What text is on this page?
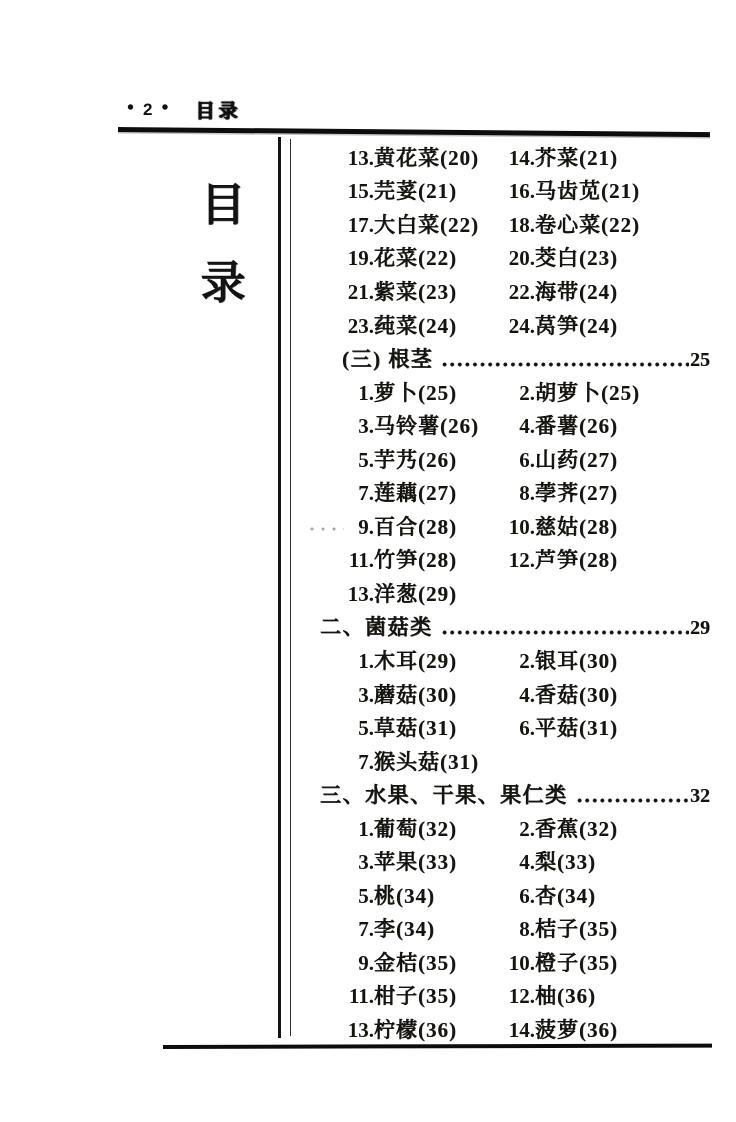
• 2 • 目录
目
录
13. 黄花菜(20) 14. 芥菜(21)
15. 芫荽(21) 16. 马齿苋(21)
17. 大白菜(22) 18. 卷心菜(22)
19. 花菜(22) 20. 茭白(23)
21. 紫菜(23) 22. 海带(24)
23. 莼菜(24) 24. 莴笋(24)
(三) 根茎	25
1. 萝卜(25)	2. 胡萝卜(25)
3. 马铃薯(26)	4. 番薯(26)
5. 芋艿(26)	6. 山药(27)
7. 莲藕(27)	8. 荸荠(27)
9. 百合(28) 10. 慈姑(28)
11. 竹笋(28) 12. 芦笋(28)
13. 洋葱(29)
二、菌菇类	29
1. 木耳(29)	2. 银耳(30)
3. 蘑菇(30)	4. 香菇(30)
5. 草菇(31)	6. 平菇(31)
7. 猴头菇(31)
三、水果、干果、果仁类	32
1. 葡萄(32)	2. 香蕉(32)
3. 苹果(33)	4. 梨(33)
5. 桃(34)	6. 杏(34)
7. 李(34)	8. 桔子(35)
9. 金桔(35) 10. 橙子(35)
11. 柑子(35) 12. 柚(36)
13. 柠檬(36) 14. 菠萝(36)
